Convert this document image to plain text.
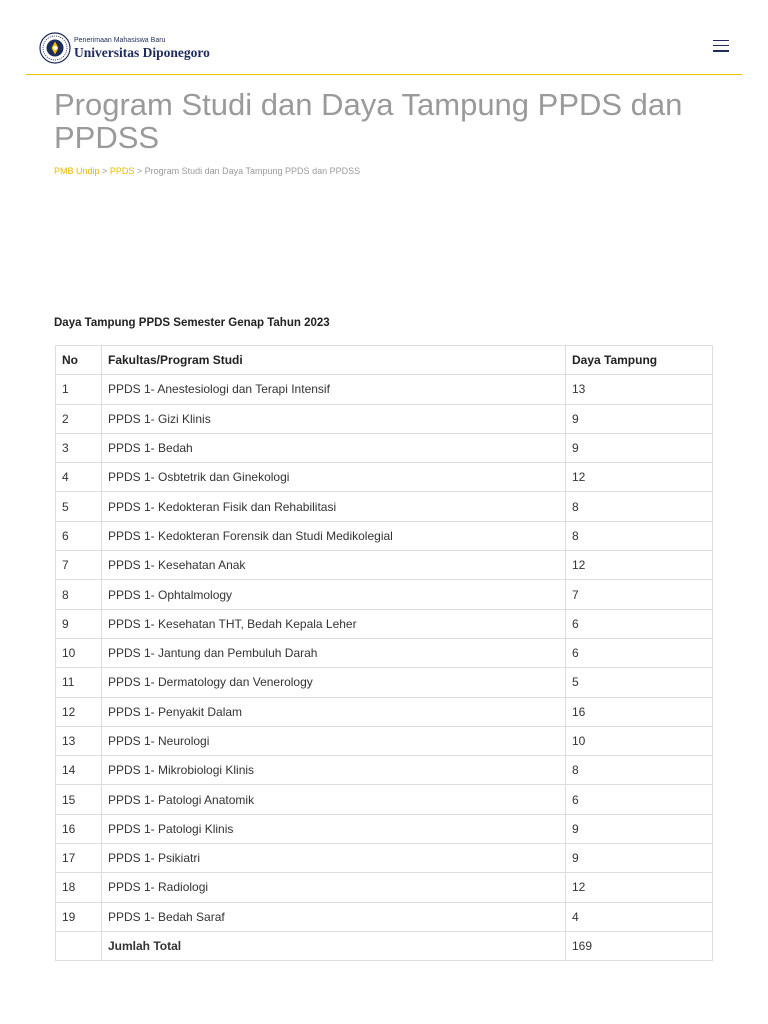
Penerimaan Mahasiswa Baru
Universitas Diponegoro
Program Studi dan Daya Tampung PPDS dan PPDSS
PMB Undip > PPDS > Program Studi dan Daya Tampung PPDS dan PPDSS
Daya Tampung PPDS Semester Genap Tahun 2023
No	Fakultas/Program Studi	Daya Tampung
1	PPDS 1- Anestesiologi dan Terapi Intensif	13
2	PPDS 1- Gizi Klinis	9
3	PPDS 1- Bedah	9
4	PPDS 1- Osbtetrik dan Ginekologi	12
5	PPDS 1- Kedokteran Fisik dan Rehabilitasi	8
6	PPDS 1- Kedokteran Forensik dan Studi Medikolegial	8
7	PPDS 1- Kesehatan Anak	12
8	PPDS 1- Ophtalmology	7
9	PPDS 1- Kesehatan THT, Bedah Kepala Leher	6
10	PPDS 1- Jantung dan Pembuluh Darah	6
11	PPDS 1- Dermatology dan Venerology	5
12	PPDS 1- Penyakit Dalam	16
13	PPDS 1- Neurologi	10
14	PPDS 1- Mikrobiologi Klinis	8
15	PPDS 1- Patologi Anatomik	6
16	PPDS 1- Patologi Klinis	9
17	PPDS 1- Psikiatri	9
18	PPDS 1- Radiologi	12
19	PPDS 1- Bedah Saraf	4
	Jumlah Total	169
